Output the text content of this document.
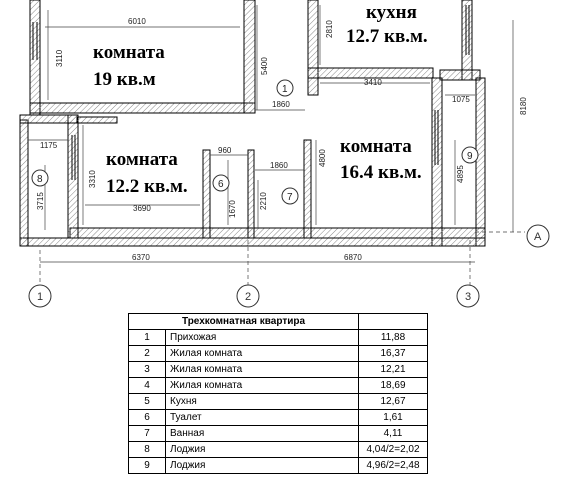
кухня
12.7 кв.м.
комната
19 кв.м
комната
12.2 кв.м.
комната
16.4 кв.м.
6010
5400
2810
3110
1860
3410
1075	8180
1175
3310
960
1860	4800
4895
3715	3690	1670	2210
6370	6870
1
6
7
8
9
A
1	2	3
Трехкомнатная квартира		
1	Прихожая	11,88
2	Жилая комната	16,37
3	Жилая комната	12,21
4	Жилая комната	18,69
5	Кухня	12,67
6	Туалет	1,61
7	Ванная	4,11
8	Лоджия	4,04/2=2,02
9	Лоджия	4,96/2=2,48
